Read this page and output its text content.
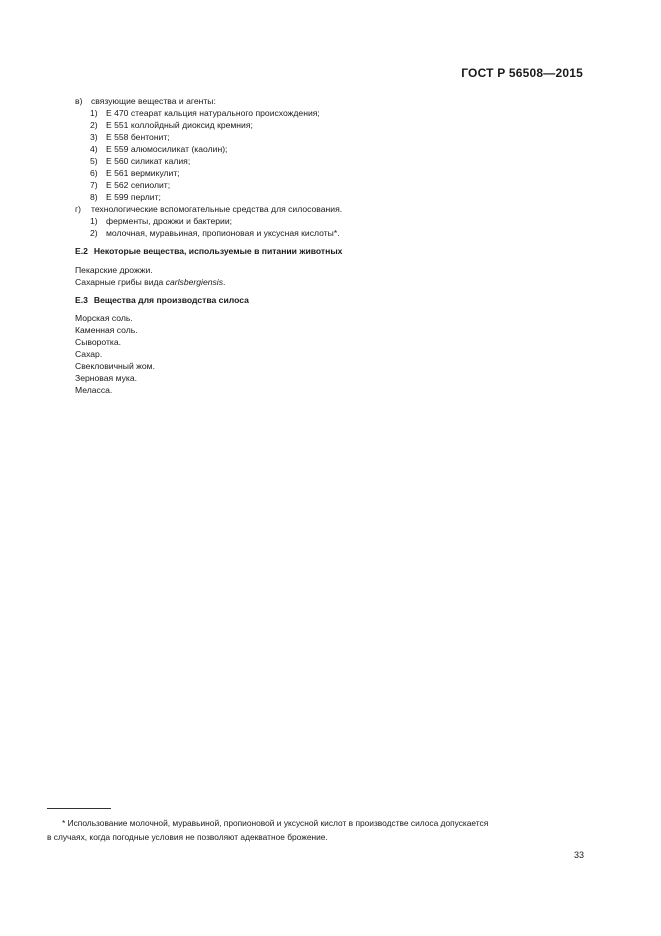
ГОСТ Р 56508—2015
в) связующие вещества и агенты:
1) Е 470 стеарат кальция натурального происхождения;
2) Е 551 коллойдный диоксид кремния;
3) Е 558 бентонит;
4) Е 559 алюмосиликат (каолин);
5) Е 560 силикат калия;
6) Е 561 вермикулит;
7) Е 562 сепиолит;
8) Е 599 перлит;
г) технологические вспомогательные средства для силосования.
1) ферменты, дрожжи и бактерии;
2) молочная, муравьиная, пропионовая и уксусная кислоты*.
Е.2 Некоторые вещества, используемые в питании животных
Пекарские дрожжи.
Сахарные грибы вида carlsbergiensis.
Е.3 Вещества для производства силоса
Морская соль.
Каменная соль.
Сыворотка.
Сахар.
Свекловичный жом.
Зерновая мука.
Меласса.
* Использование молочной, муравьиной, пропионовой и уксусной кислот в производстве силоса допускается
в случаях, когда погодные условия не позволяют адекватное брожение.
33
